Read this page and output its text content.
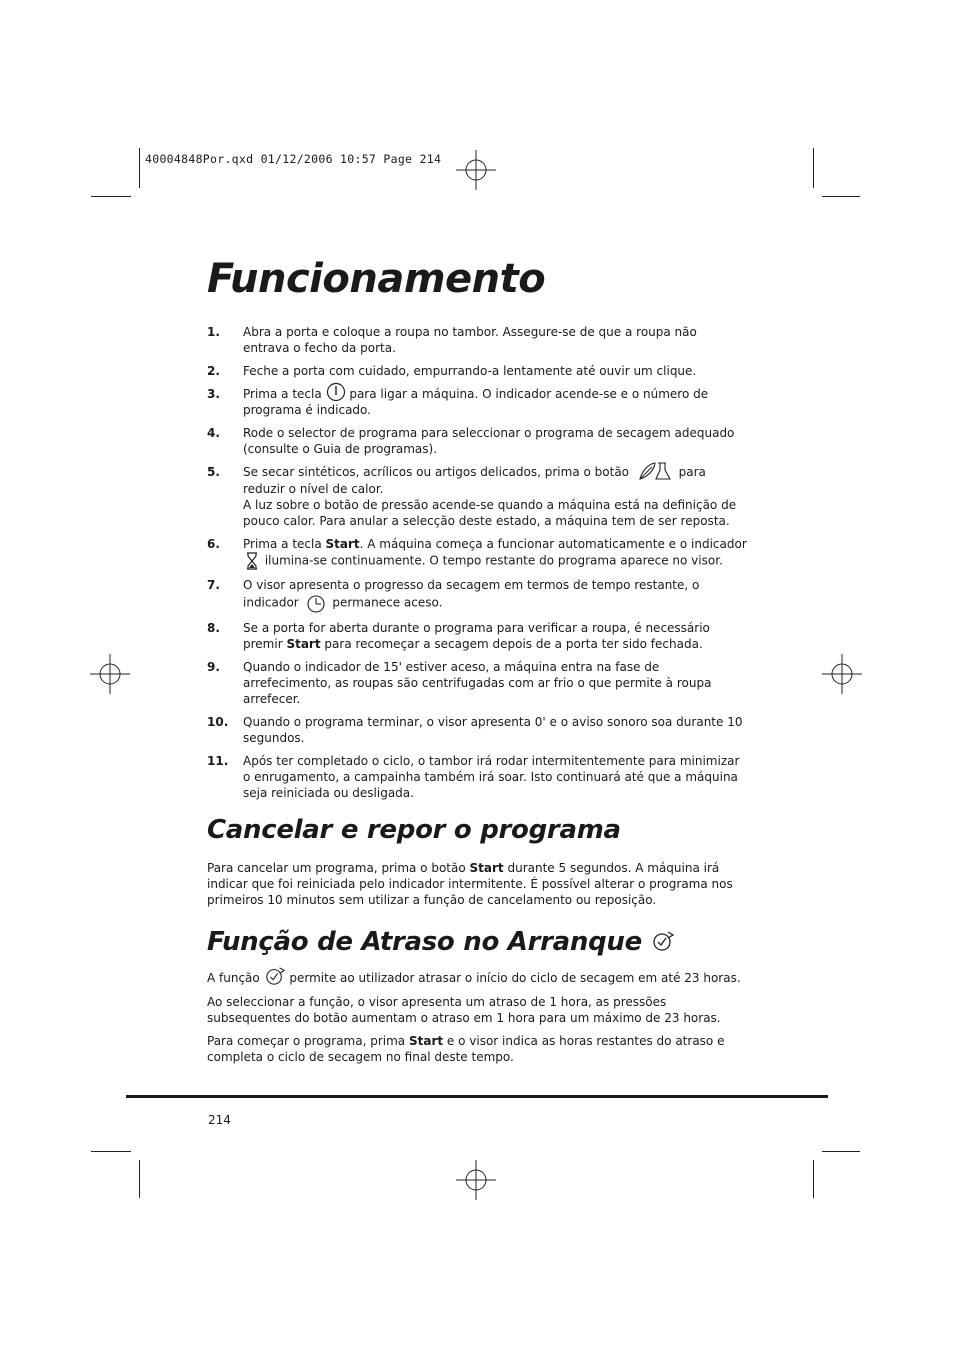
40004848Por.qxd 01/12/2006 10:57 Page 214
Funcionamento
1.	Abra a porta e coloque a roupa no tambor. Assegure-se de que a roupa não entrava o fecho da porta.
2.	Feche a porta com cuidado, empurrando-a lentamente até ouvir um clique.
3.	Prima a tecla  para ligar a máquina. O indicador acende-se e o número de programa é indicado.
4.	Rode o selector de programa para seleccionar o programa de secagem adequado (consulte o Guia de programas).
5.	Se secar sintéticos, acrílicos ou artigos delicados, prima o botão	para reduzir o nível de calor.
A luz sobre o botão de pressão acende-se quando a máquina está na definição de pouco calor. Para anular a selecção deste estado, a máquina tem de ser reposta.
6.	Prima a tecla Start. A máquina começa a funcionar automaticamente e o indicador  ilumina-se continuamente. O tempo restante do programa aparece no visor.
7.	O visor apresenta o progresso da secagem em termos de tempo restante, o indicador  permanece aceso.
8.	Se a porta for aberta durante o programa para verificar a roupa, é necessário premir Start para recomeçar a secagem depois de a porta ter sido fechada.
9.	Quando o indicador de 15' estiver aceso, a máquina entra na fase de arrefecimento, as roupas são centrifugadas com ar frio o que permite à roupa arrefecer.
10.	Quando o programa terminar, o visor apresenta 0' e o aviso sonoro soa durante 10 segundos.
11.	Após ter completado o ciclo, o tambor irá rodar intermitentemente para minimizar o enrugamento, a campainha também irá soar. Isto continuará até que a máquina seja reiniciada ou desligada.
Cancelar e repor o programa

Para cancelar um programa, prima o botão Start durante 5 segundos. A máquina irá indicar que foi reiniciada pelo indicador intermitente. É possível alterar o programa nos primeiros 10 minutos sem utilizar a função de cancelamento ou reposição.

Função de Atraso no Arranque

A função  permite ao utilizador atrasar o início do ciclo de secagem em até 23 horas.

Ao seleccionar a função, o visor apresenta um atraso de 1 hora, as pressões subsequentes do botão aumentam o atraso em 1 hora para um máximo de 23 horas.

Para começar o programa, prima Start e o visor indica as horas restantes do atraso e completa o ciclo de secagem no final deste tempo.

214
